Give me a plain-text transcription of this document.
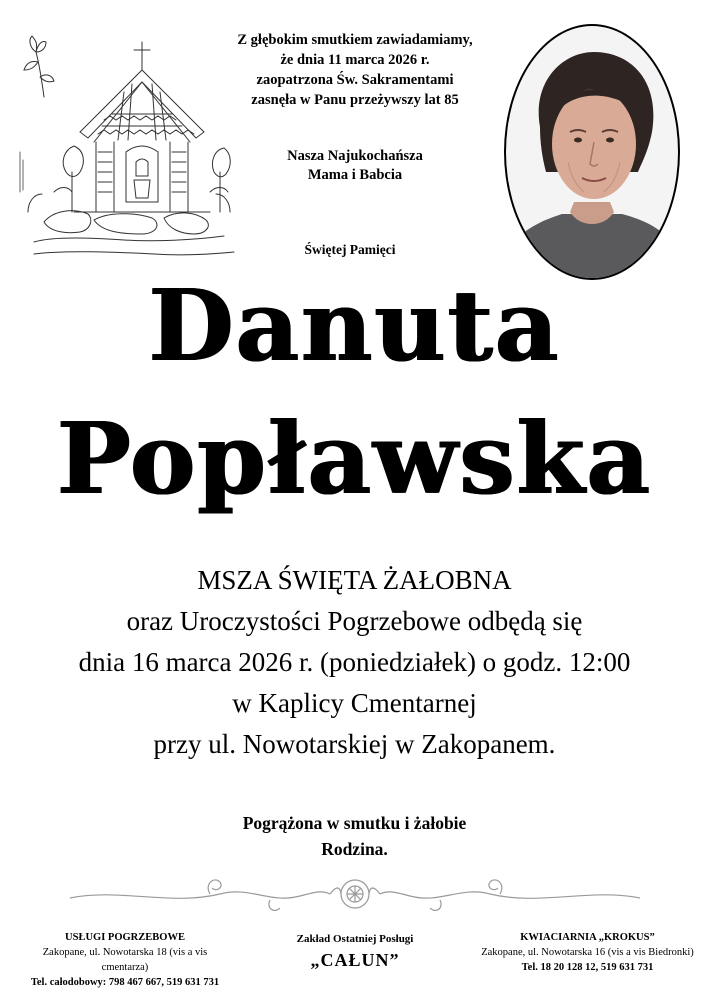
Z głębokim smutkiem zawiadamiamy,
że dnia 11 marca 2026 r.
zaopatrzona Św. Sakramentami
zasnęła w Panu przeżywszy lat 85
Nasza Najukochańsza
Mama i Babcia
Świętej Pamięci
Danuta
Popławska
MSZA ŚWIĘTA ŻAŁOBNA
oraz Uroczystości Pogrzebowe odbędą się
dnia 16 marca 2026 r. (poniedziałek) o godz. 12:00
w Kaplicy Cmentarnej
przy ul. Nowotarskiej w Zakopanem.
Pogrążona w smutku i żałobie
Rodzina.
USŁUGI POGRZEBOWE
Zakopane, ul. Nowotarska 18 (vis a vis cmentarza)
Tel. całodobowy: 798 467 667, 519 631 731
Zakład Ostatniej Posługi
„CAŁUN”
KWIACIARNIA „KROKUS”
Zakopane, ul. Nowotarska 16 (vis a vis Biedronki)
Tel. 18 20 128 12, 519 631 731
